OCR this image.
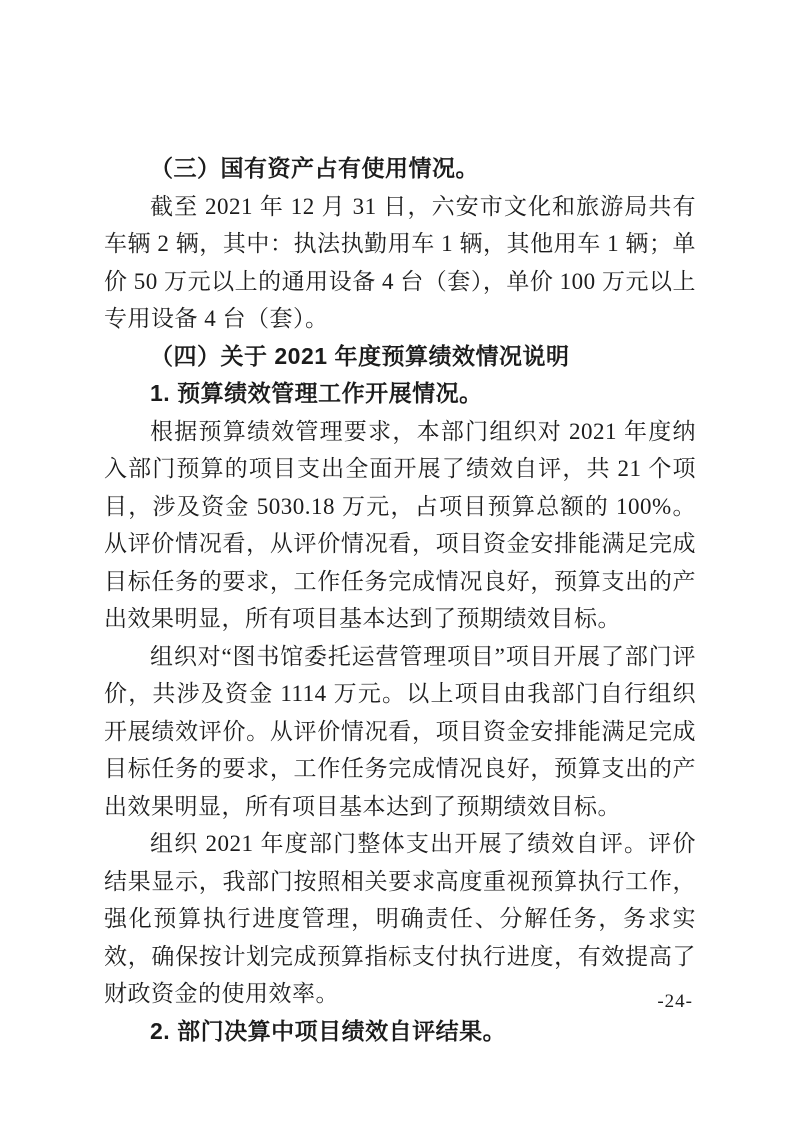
（三）国有资产占有使用情况。
截至 2021 年 12 月 31 日，六安市文化和旅游局共有车辆 2 辆，其中：执法执勤用车 1 辆，其他用车 1 辆；单价 50 万元以上的通用设备 4 台（套），单价 100 万元以上专用设备 4 台（套）。
（四）关于 2021 年度预算绩效情况说明
1. 预算绩效管理工作开展情况。
根据预算绩效管理要求，本部门组织对 2021 年度纳入部门预算的项目支出全面开展了绩效自评，共 21 个项目，涉及资金 5030.18 万元，占项目预算总额的 100%。从评价情况看，从评价情况看，项目资金安排能满足完成目标任务的要求，工作任务完成情况良好，预算支出的产出效果明显，所有项目基本达到了预期绩效目标。
组织对“图书馆委托运营管理项目”项目开展了部门评价，共涉及资金 1114 万元。以上项目由我部门自行组织开展绩效评价。从评价情况看，项目资金安排能满足完成目标任务的要求，工作任务完成情况良好，预算支出的产出效果明显，所有项目基本达到了预期绩效目标。
组织 2021 年度部门整体支出开展了绩效自评。评价结果显示，我部门按照相关要求高度重视预算执行工作，强化预算执行进度管理，明确责任、分解任务，务求实效，确保按计划完成预算指标支付执行进度，有效提高了财政资金的使用效率。
2. 部门决算中项目绩效自评结果。
-24-
